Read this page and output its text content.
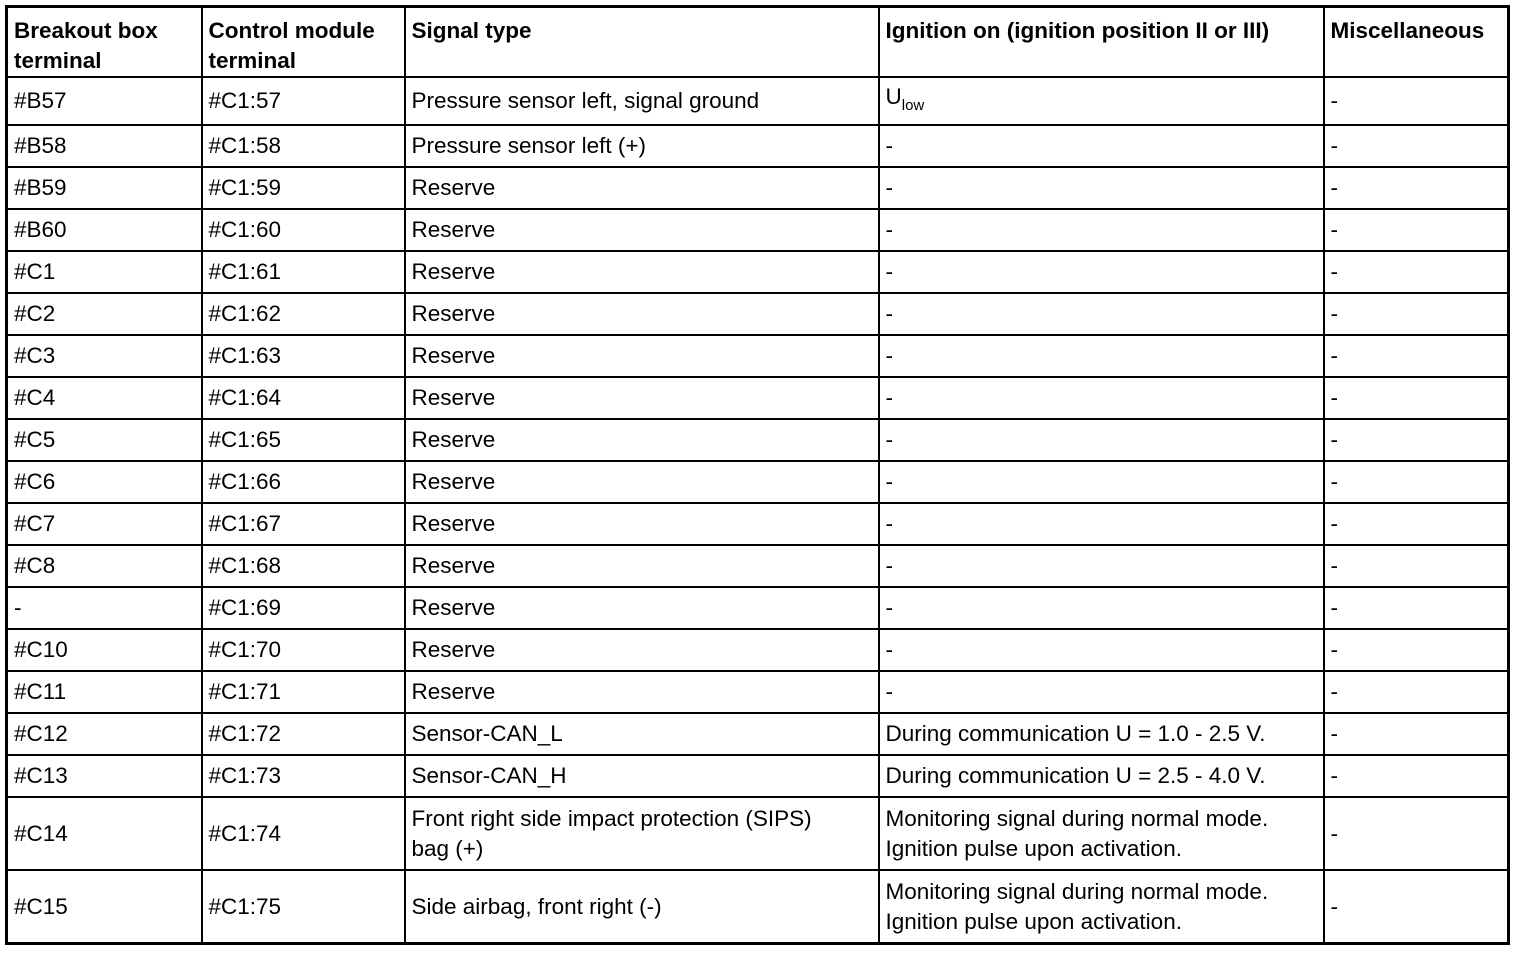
Breakout box terminal	Control module terminal	Signal type	Ignition on (ignition position II or III)	Miscellaneous
#B57	#C1:57	Pressure sensor left, signal ground	$U_{low}$	-
#B58	#C1:58	Pressure sensor left (+)	-	-
#B59	#C1:59	Reserve	-	-
#B60	#C1:60	Reserve	-	-
#C1	#C1:61	Reserve	-	-
#C2	#C1:62	Reserve	-	-
#C3	#C1:63	Reserve	-	-
#C4	#C1:64	Reserve	-	-
#C5	#C1:65	Reserve	-	-
#C6	#C1:66	Reserve	-	-
#C7	#C1:67	Reserve	-	-
#C8	#C1:68	Reserve	-	-
-	#C1:69	Reserve	-	-
#C10	#C1:70	Reserve	-	-
#C11	#C1:71	Reserve	-	-
#C12	#C1:72	Sensor-CAN_L	During communication U = 1.0 - 2.5 V.	-
#C13	#C1:73	Sensor-CAN_H	During communication U = 2.5 - 4.0 V.	-
#C14	#C1:74	Front right side impact protection (SIPS)
bag (+)	Monitoring signal during normal mode.
Ignition pulse upon activation.	-
#C15	#C1:75	Side airbag, front right (-)	Monitoring signal during normal mode.
Ignition pulse upon activation.	-
